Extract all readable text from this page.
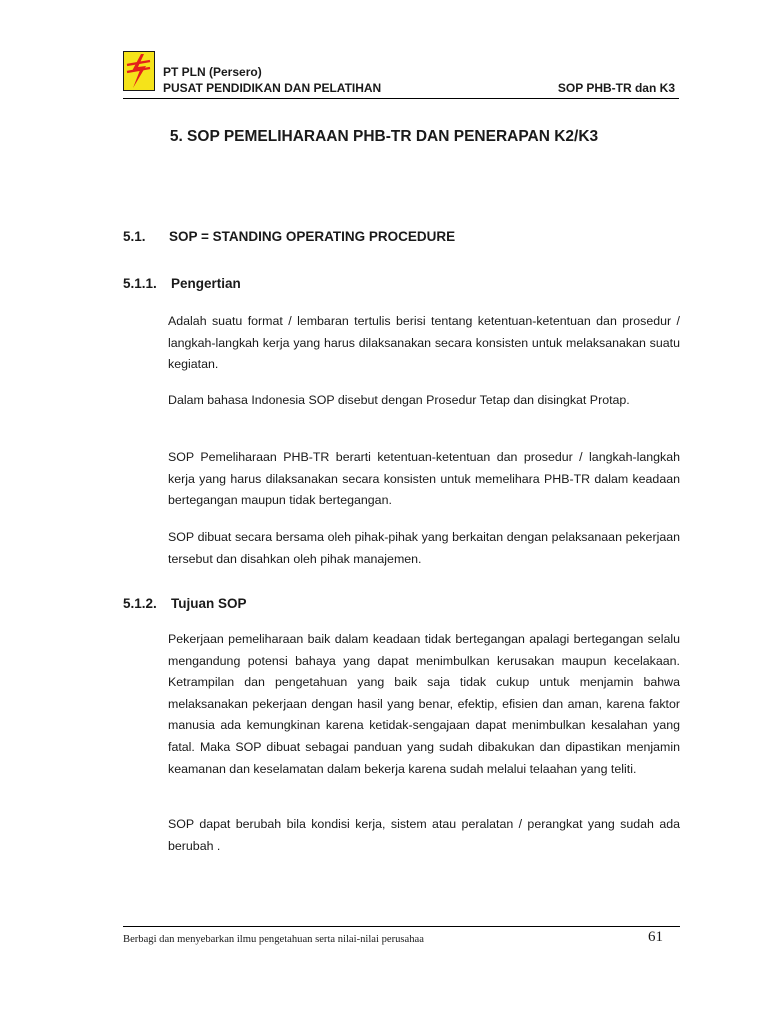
PT PLN (Persero)
PUSAT PENDIDIKAN DAN PELATIHAN	SOP PHB-TR dan K3
5. SOP PEMELIHARAAN PHB-TR DAN PENERAPAN K2/K3
5.1. SOP = STANDING OPERATING PROCEDURE
5.1.1. Pengertian

Adalah suatu format / lembaran tertulis berisi tentang ketentuan-ketentuan dan prosedur / langkah-langkah kerja yang harus dilaksanakan secara konsisten untuk melaksanakan suatu kegiatan.

Dalam bahasa Indonesia SOP disebut dengan Prosedur Tetap dan disingkat Protap.

SOP Pemeliharaan PHB-TR berarti ketentuan-ketentuan dan prosedur / langkah-langkah kerja yang harus dilaksanakan secara konsisten untuk memelihara PHB-TR dalam keadaan bertegangan maupun tidak bertegangan.

SOP dibuat secara bersama oleh pihak-pihak yang berkaitan dengan pelaksanaan pekerjaan tersebut dan disahkan oleh pihak manajemen.

5.1.2. Tujuan SOP

Pekerjaan pemeliharaan baik dalam keadaan tidak bertegangan apalagi bertegangan selalu mengandung potensi bahaya yang dapat menimbulkan kerusakan maupun kecelakaan. Ketrampilan dan pengetahuan yang baik saja tidak cukup untuk menjamin bahwa melaksanakan pekerjaan dengan hasil yang benar, efektip, efisien dan aman, karena faktor manusia ada kemungkinan karena ketidak-sengajaan dapat menimbulkan kesalahan yang fatal. Maka SOP dibuat sebagai panduan yang sudah dibakukan dan dipastikan menjamin keamanan dan keselamatan dalam bekerja karena sudah melalui telaahan yang teliti.

SOP dapat berubah bila kondisi kerja, sistem atau peralatan / perangkat yang sudah ada berubah .

Berbagi dan menyebarkan ilmu pengetahuan serta nilai-nilai perusahaa	61
